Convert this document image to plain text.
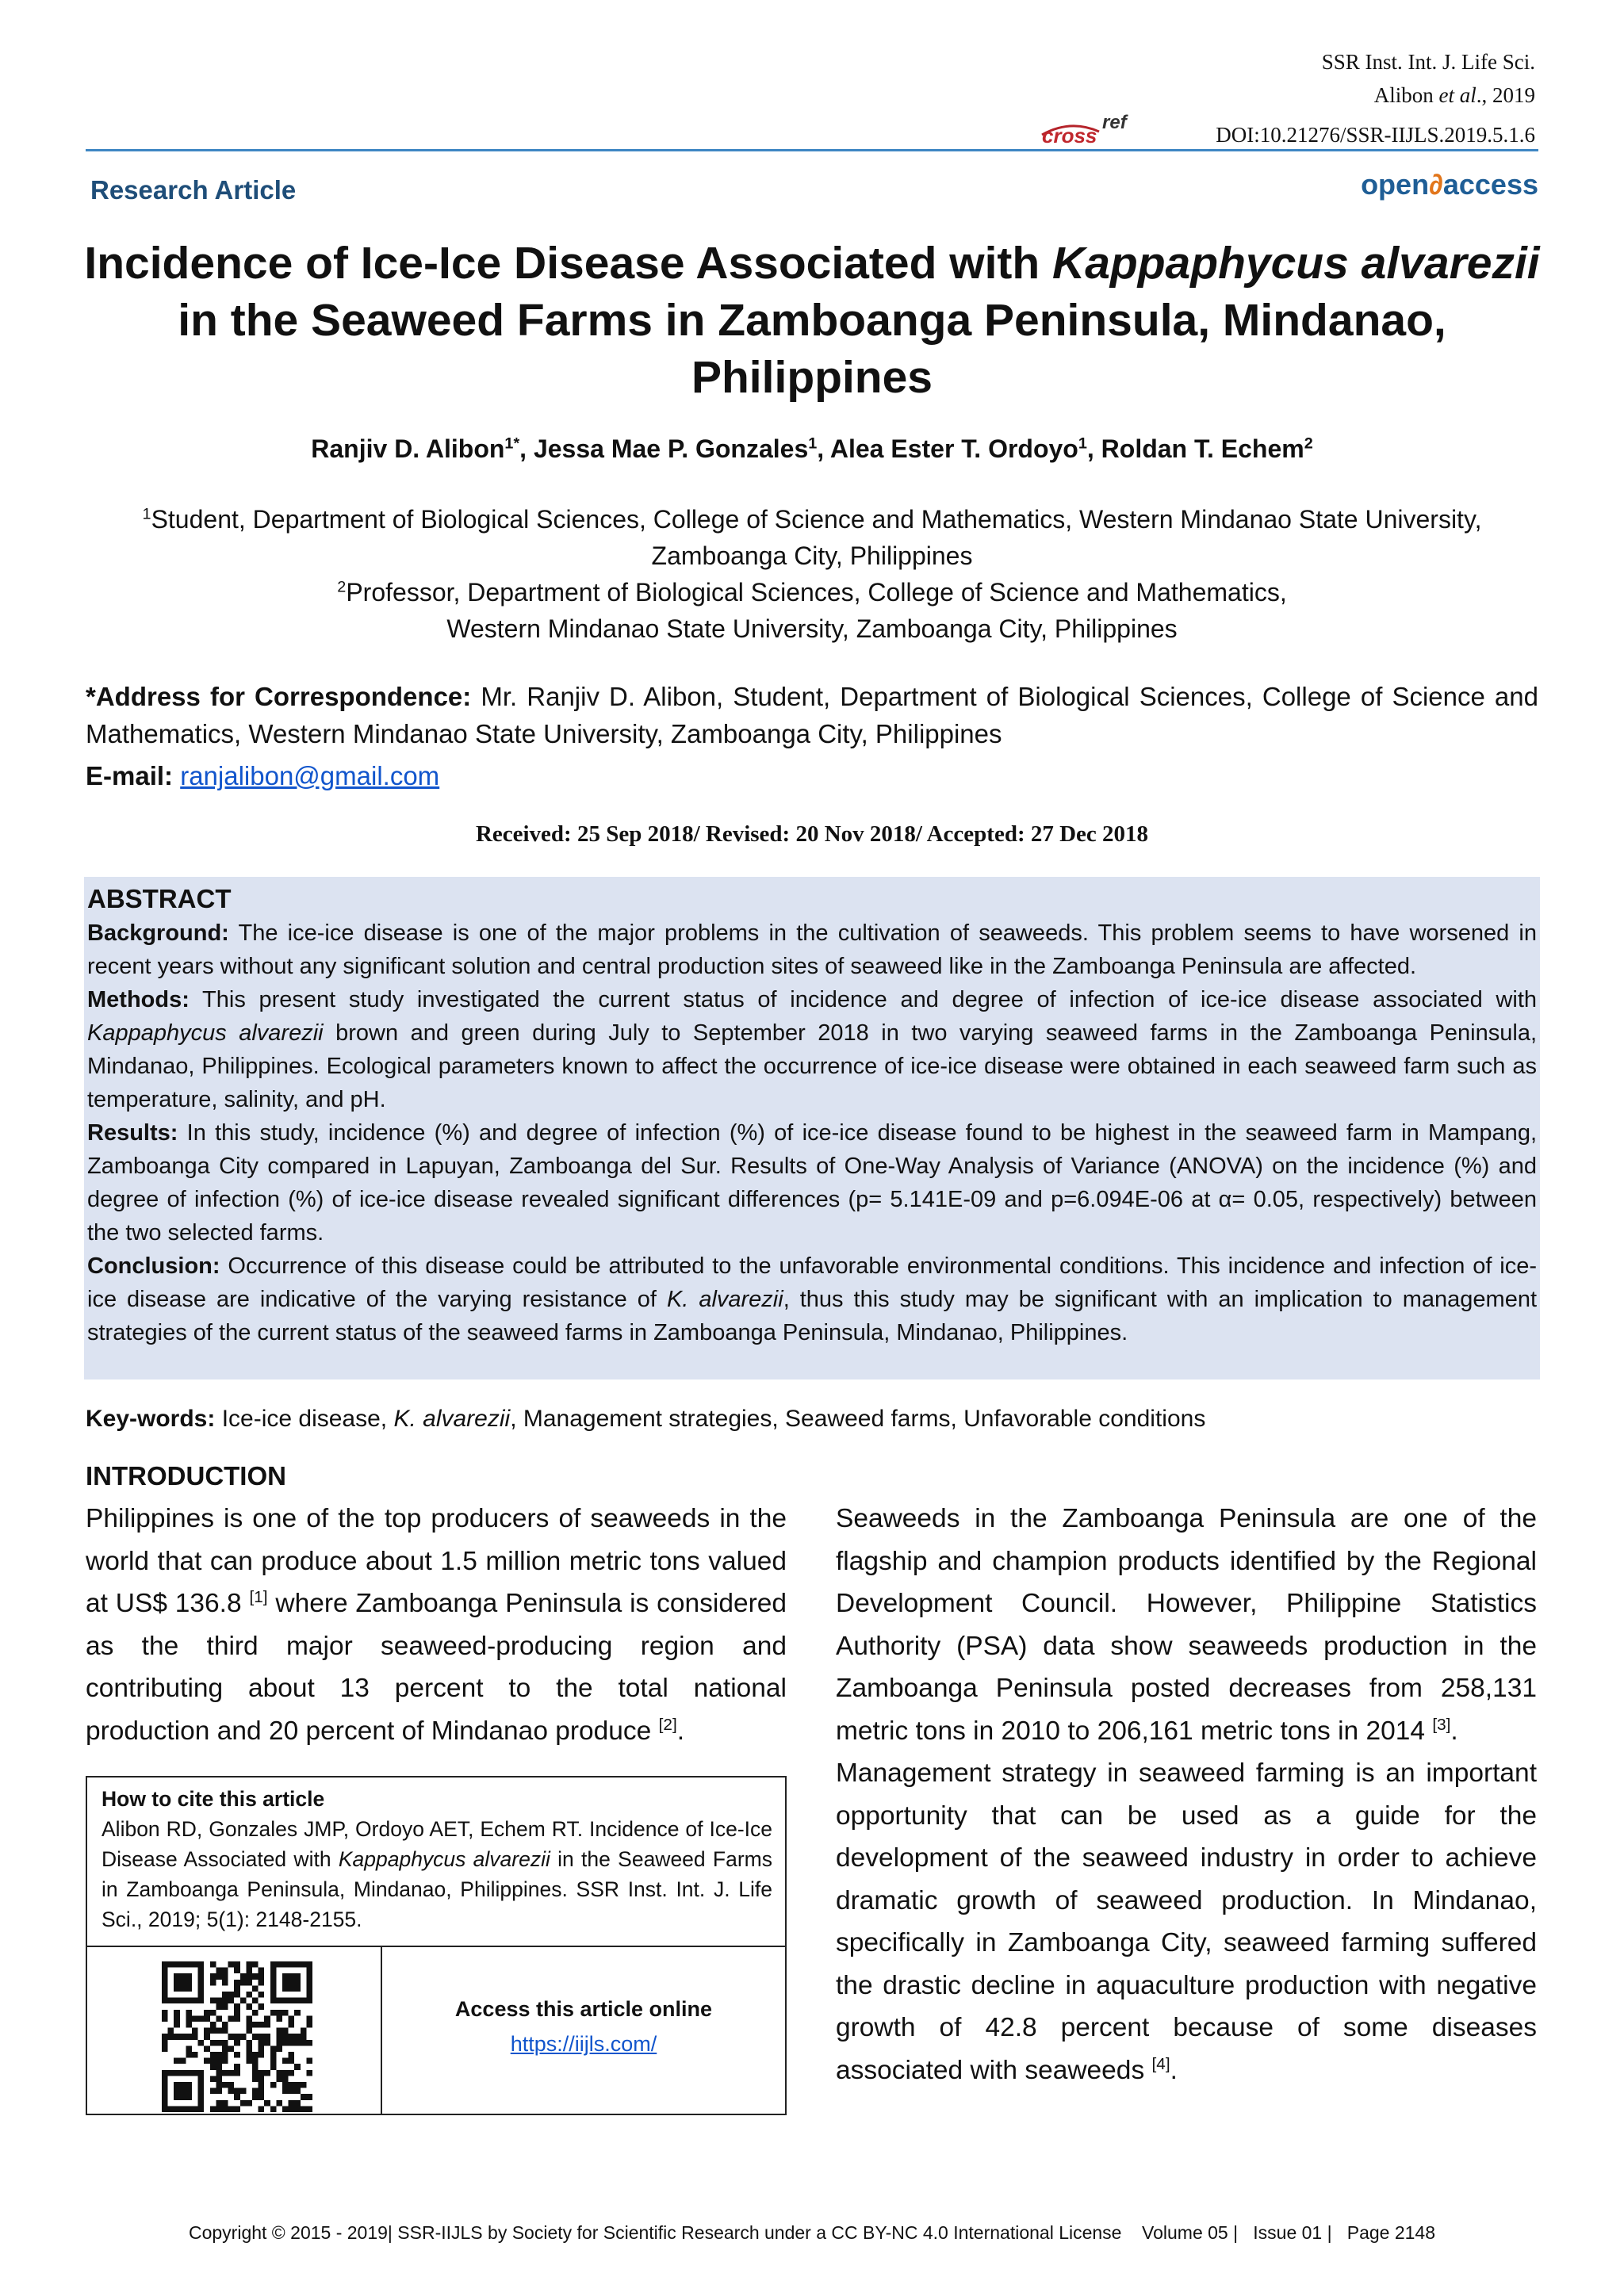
SSR Inst. Int. J. Life Sci.
Alibon et al., 2019
cross
ref
DOI:10.21276/SSR-IIJLS.2019.5.1.6
Research Article	open∂access
Incidence of Ice-Ice Disease Associated with Kappaphycus alvarezii
in the Seaweed Farms in Zamboanga Peninsula, Mindanao,
Philippines
Ranjiv D. Alibon$^{1*}$, Jessa Mae P. Gonzales$^1$, Alea Ester T. Ordoyo$^1$, Roldan T. Echem$^2$
$^1$Student, Department of Biological Sciences, College of Science and Mathematics, Western Mindanao State University,
Zamboanga City, Philippines
$^2$Professor, Department of Biological Sciences, College of Science and Mathematics,
Western Mindanao State University, Zamboanga City, Philippines
*Address for Correspondence: Mr. Ranjiv D. Alibon, Student, Department of Biological Sciences, College of Science and Mathematics, Western Mindanao State University, Zamboanga City, Philippines
E-mail: ranjalibon@gmail.com
Received: 25 Sep 2018/ Revised: 20 Nov 2018/ Accepted: 27 Dec 2018

ABSTRACT

Background: The ice-ice disease is one of the major problems in the cultivation of seaweeds. This problem seems to have worsened in recent years without any significant solution and central production sites of seaweed like in the Zamboanga Peninsula are affected.

Methods: This present study investigated the current status of incidence and degree of infection of ice-ice disease associated with Kappaphycus alvarezii brown and green during July to September 2018 in two varying seaweed farms in the Zamboanga Peninsula, Mindanao, Philippines. Ecological parameters known to affect the occurrence of ice-ice disease were obtained in each seaweed farm such as temperature, salinity, and pH.

Results: In this study, incidence (%) and degree of infection (%) of ice-ice disease found to be highest in the seaweed farm in Mampang, Zamboanga City compared in Lapuyan, Zamboanga del Sur. Results of One-Way Analysis of Variance (ANOVA) on the incidence (%) and degree of infection (%) of ice-ice disease revealed significant differences (p= 5.141E-09 and p=6.094E-06 at α= 0.05, respectively) between the two selected farms.

Conclusion: Occurrence of this disease could be attributed to the unfavorable environmental conditions. This incidence and infection of ice-ice disease are indicative of the varying resistance of K. alvarezii, thus this study may be significant with an implication to management strategies of the current status of the seaweed farms in Zamboanga Peninsula, Mindanao, Philippines.

Key-words: Ice-ice disease, K. alvarezii, Management strategies, Seaweed farms, Unfavorable conditions
INTRODUCTION

Philippines is one of the top producers of seaweeds in the world that can produce about 1.5 million metric tons valued at US$ 136.8 [1] where Zamboanga Peninsula is considered as the third major seaweed-producing region and contributing about 13 percent to the total national production and 20 percent of Mindanao produce [2].

Seaweeds in the Zamboanga Peninsula are one of the flagship and champion products identified by the Regional Development Council. However, Philippine Statistics Authority (PSA) data show seaweeds production in the Zamboanga Peninsula posted decreases from 258,131 metric tons in 2010 to 206,161 metric tons in 2014 [3].

Management strategy in seaweed farming is an important opportunity that can be used as a guide for the development of the seaweed industry in order to achieve dramatic growth of seaweed production. In Mindanao, specifically in Zamboanga City, seaweed farming suffered the drastic decline in aquaculture production with negative growth of 42.8 percent because of some diseases associated with seaweeds [4].

How to cite this article
Alibon RD, Gonzales JMP, Ordoyo AET, Echem RT. Incidence of Ice-Ice Disease Associated with Kappaphycus alvarezii in the Seaweed Farms in Zamboanga Peninsula, Mindanao, Philippines. SSR Inst. Int. J. Life Sci., 2019; 5(1): 2148-2155.
Access this article online
https://iijls.com/
Copyright © 2015 - 2019| SSR-IIJLS by Society for Scientific Research under a CC BY-NC 4.0 International License    Volume 05 |   Issue 01 |   Page 2148
